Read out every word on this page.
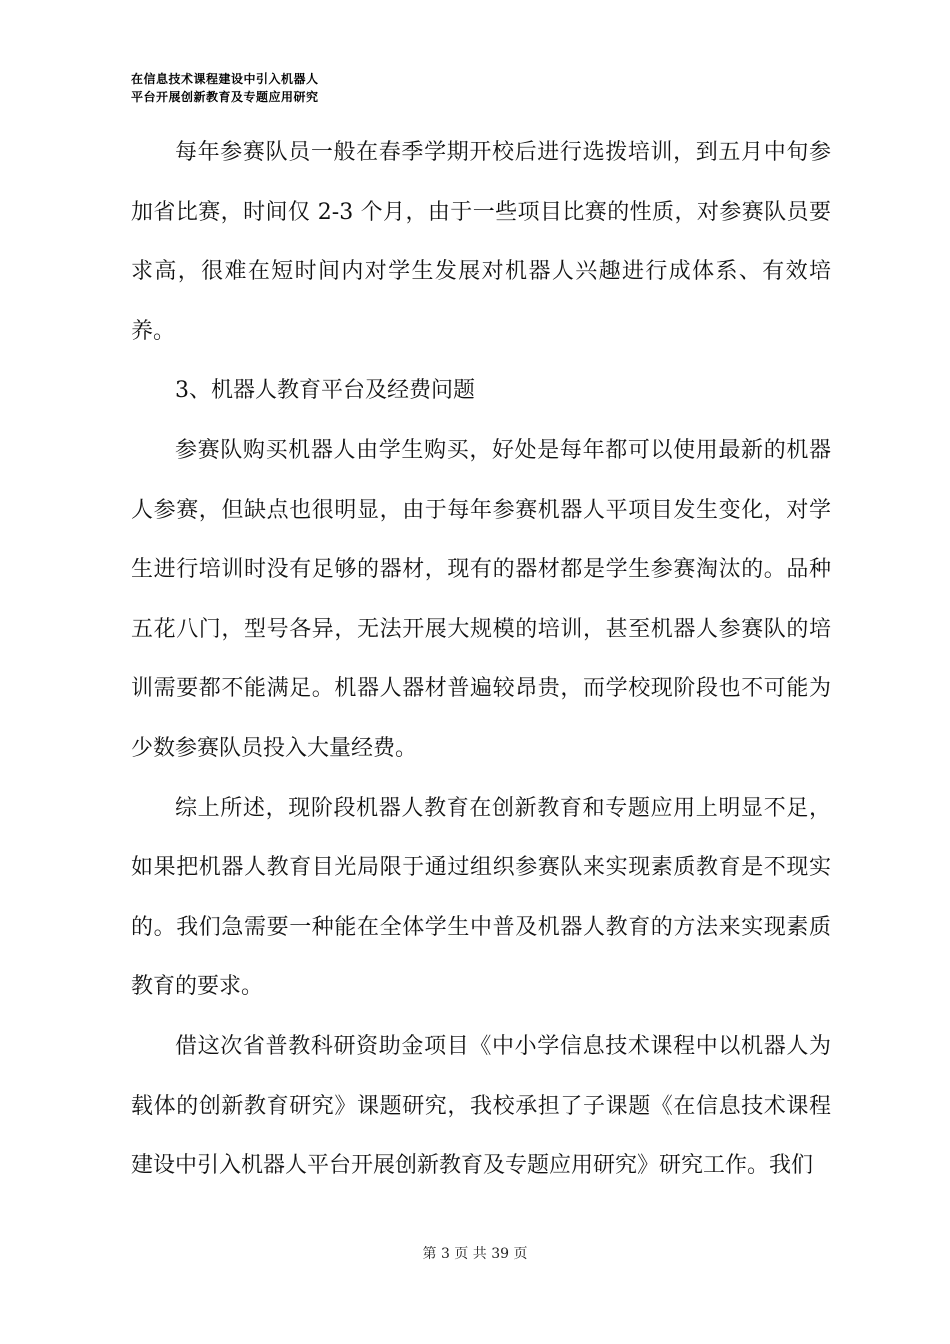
在信息技术课程建设中引入机器人
平台开展创新教育及专题应用研究

每年参赛队员一般在春季学期开校后进行选拨培训，到五月中旬参加省比赛，时间仅 2-3 个月，由于一些项目比赛的性质，对参赛队员要求高，很难在短时间内对学生发展对机器人兴趣进行成体系、有效培养。

3、机器人教育平台及经费问题

参赛队购买机器人由学生购买，好处是每年都可以使用最新的机器人参赛，但缺点也很明显，由于每年参赛机器人平项目发生变化，对学生进行培训时没有足够的器材，现有的器材都是学生参赛淘汰的。品种五花八门，型号各异，无法开展大规模的培训，甚至机器人参赛队的培训需要都不能满足。机器人器材普遍较昂贵，而学校现阶段也不可能为少数参赛队员投入大量经费。

综上所述，现阶段机器人教育在创新教育和专题应用上明显不足，如果把机器人教育目光局限于通过组织参赛队来实现素质教育是不现实的。我们急需要一种能在全体学生中普及机器人教育的方法来实现素质教育的要求。

借这次省普教科研资助金项目《中小学信息技术课程中以机器人为载体的创新教育研究》课题研究，我校承担了子课题《在信息技术课程建设中引入机器人平台开展创新教育及专题应用研究》研究工作。我们

第 3 页 共 39 页
